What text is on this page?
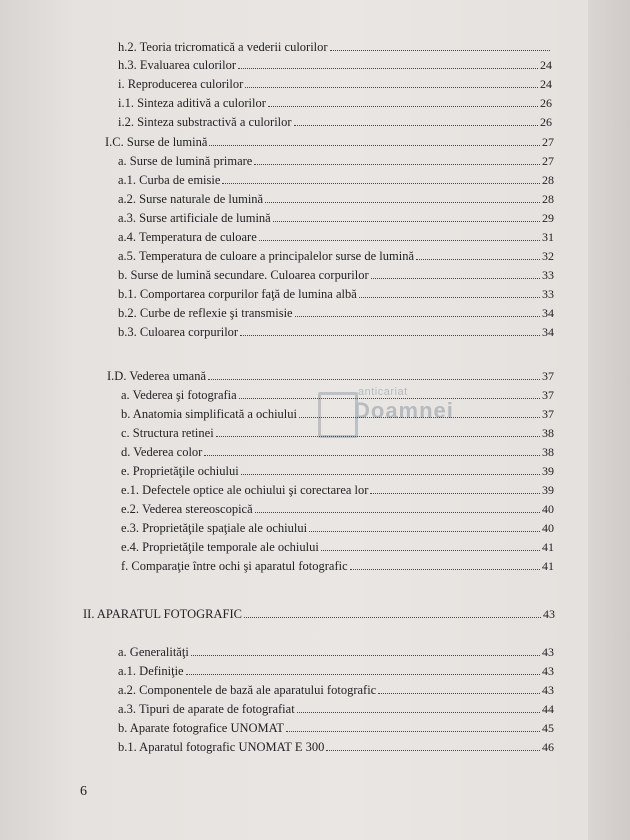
anticariat
Doamnei
h.2. Teoria tricromatică a vederii culorilor
h.3. Evaluarea culorilor	24
i. Reproducerea culorilor	24
i.1. Sinteza aditivă a culorilor	26
i.2. Sinteza substractivă a culorilor	26
I.C. Surse de lumină	27
a. Surse de lumină primare	27
a.1. Curba de emisie	28
a.2. Surse naturale de lumină	28
a.3. Surse artificiale de lumină	29
a.4. Temperatura de culoare	31
a.5. Temperatura de culoare a principalelor surse de lumină	32
b. Surse de lumină secundare. Culoarea corpurilor	33
b.1. Comportarea corpurilor faţă de lumina albă	33
b.2. Curbe de reflexie şi transmisie	34
b.3. Culoarea corpurilor	34
I.D. Vederea umană	37
a. Vederea şi fotografia	37
b. Anatomia simplificată a ochiului	37
c. Structura retinei	38
d. Vederea color	38
e. Proprietăţile ochiului	39
e.1. Defectele optice ale ochiului şi corectarea lor	39
e.2. Vederea stereoscopică	40
e.3. Proprietăţile spaţiale ale ochiului	40
e.4. Proprietăţile temporale ale ochiului	41
f. Comparaţie între ochi şi aparatul fotografic	41
II. APARATUL FOTOGRAFIC	43
a. Generalităţi	43
a.1. Definiţie	43
a.2. Componentele de bază ale aparatului fotografic	43
a.3. Tipuri de aparate de fotografiat	44
b. Aparate fotografice UNOMAT	45
b.1. Aparatul fotografic UNOMAT E 300	46
6
